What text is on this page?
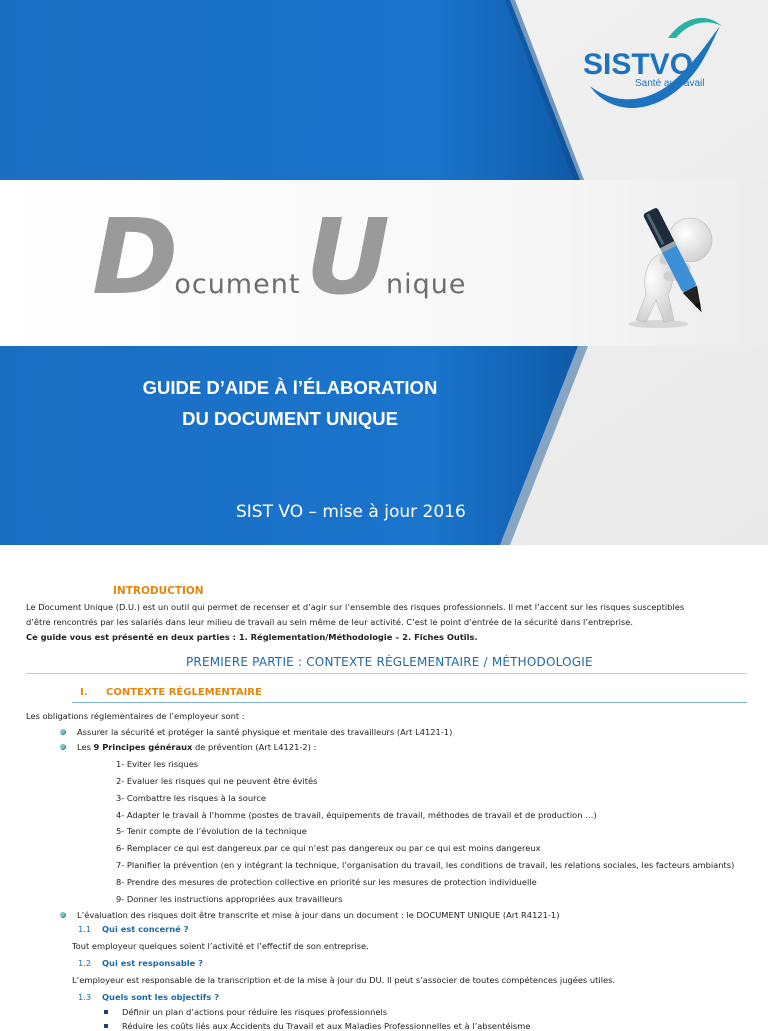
SISTVO
Santé au travail
Document Unique
GUIDE D’AIDE À l’ÉLABORATION
DU DOCUMENT UNIQUE
SIST VO – mise à jour 2016
INTRODUCTION
Le Document Unique (D.U.) est un outil qui permet de recenser et d’agir sur l’ensemble des risques professionnels. Il met l’accent sur les risques susceptibles
d’être rencontrés par les salariés dans leur milieu de travail au sein même de leur activité. C’est le point d’entrée de la sécurité dans l’entreprise.
Ce guide vous est présenté en deux parties : 1. Réglementation/Méthodologie – 2. Fiches Outils.
PREMIERE PARTIE : CONTEXTE RÉGLEMENTAIRE / MÉTHODOLOGIE
I. CONTEXTE RÉGLEMENTAIRE
Les obligations réglementaires de l’employeur sont :
Assurer la sécurité et protéger la santé physique et mentale des travailleurs (Art L4121-1)
Les 9 Principes généraux de prévention (Art L4121-2) :
1- Eviter les risques
2- Evaluer les risques qui ne peuvent être évités
3- Combattre les risques à la source
4- Adapter le travail à l’homme (postes de travail, équipements de travail, méthodes de travail et de production …)
5- Tenir compte de l’évolution de la technique
6- Remplacer ce qui est dangereux par ce qui n’est pas dangereux ou par ce qui est moins dangereux
7- Planifier la prévention (en y intégrant la technique, l’organisation du travail, les conditions de travail, les relations sociales, les facteurs ambiants)
8- Prendre des mesures de protection collective en priorité sur les mesures de protection individuelle
9- Donner les instructions appropriées aux travailleurs
L’évaluation des risques doit être transcrite et mise à jour dans un document : le DOCUMENT UNIQUE (Art R4121-1)
1.1 Qui est concerné ?
Tout employeur quelques soient l’activité et l’effectif de son entreprise.
1.2 Qui est responsable ?
L’employeur est responsable de la transcription et de la mise à jour du DU. Il peut s’associer de toutes compétences jugées utiles.
1.3 Quels sont les objectifs ?
Définir un plan d’actions pour réduire les risques professionnels
Réduire les coûts liés aux Accidents du Travail et aux Maladies Professionnelles et à l’absentéisme
